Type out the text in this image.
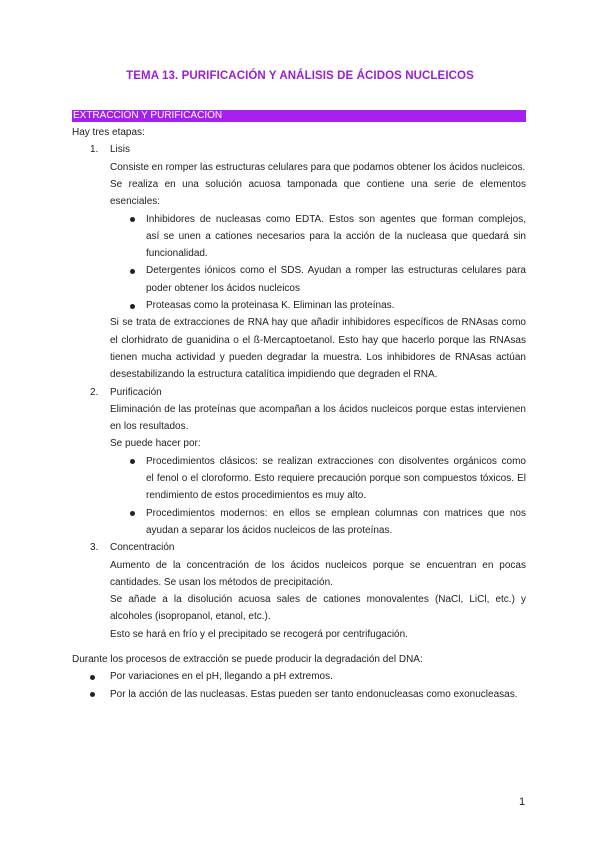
TEMA 13. PURIFICACIÓN Y ANÁLISIS DE ÁCIDOS NUCLEICOS
EXTRACCIÓN Y PURIFICACIÓN
Hay tres etapas:
1. Lisis
Consiste en romper las estructuras celulares para que podamos obtener los ácidos nucleicos.
Se realiza en una solución acuosa tamponada que contiene una serie de elementos
esenciales:
Inhibidores de nucleasas como EDTA. Estos son agentes que forman complejos,
así se unen a cationes necesarios para la acción de la nucleasa que quedará sin
funcionalidad.
Detergentes iónicos como el SDS. Ayudan a romper las estructuras celulares para
poder obtener los ácidos nucleicos
Proteasas como la proteinasa K. Eliminan las proteínas.
Si se trata de extracciones de RNA hay que añadir inhibidores específicos de RNAsas como
el clorhidrato de guanidina o el ß-Mercaptoetanol. Esto hay que hacerlo porque las RNAsas
tienen mucha actividad y pueden degradar la muestra. Los inhibidores de RNAsas actúan
desestabilizando la estructura catalítica impidiendo que degraden el RNA.
2. Purificación
Eliminación de las proteínas que acompañan a los ácidos nucleicos porque estas intervienen
en los resultados.
Se puede hacer por:
Procedimientos clásicos: se realizan extracciones con disolventes orgánicos como
el fenol o el cloroformo. Esto requiere precaución porque son compuestos tóxicos. El
rendimiento de estos procedimientos es muy alto.
Procedimientos modernos: en ellos se emplean columnas con matrices que nos
ayudan a separar los ácidos nucleicos de las proteínas.
3. Concentración
Aumento de la concentración de los ácidos nucleicos porque se encuentran en pocas
cantidades. Se usan los métodos de precipitación.
Se añade a la disolución acuosa sales de cationes monovalentes (NaCl, LiCl, etc.) y
alcoholes (isopropanol, etanol, etc.).
Esto se hará en frío y el precipitado se recogerá por centrifugación.
Durante los procesos de extracción se puede producir la degradación del DNA:
Por variaciones en el pH, llegando a pH extremos.
Por la acción de las nucleasas. Estas pueden ser tanto endonucleasas como exonucleasas.
1
